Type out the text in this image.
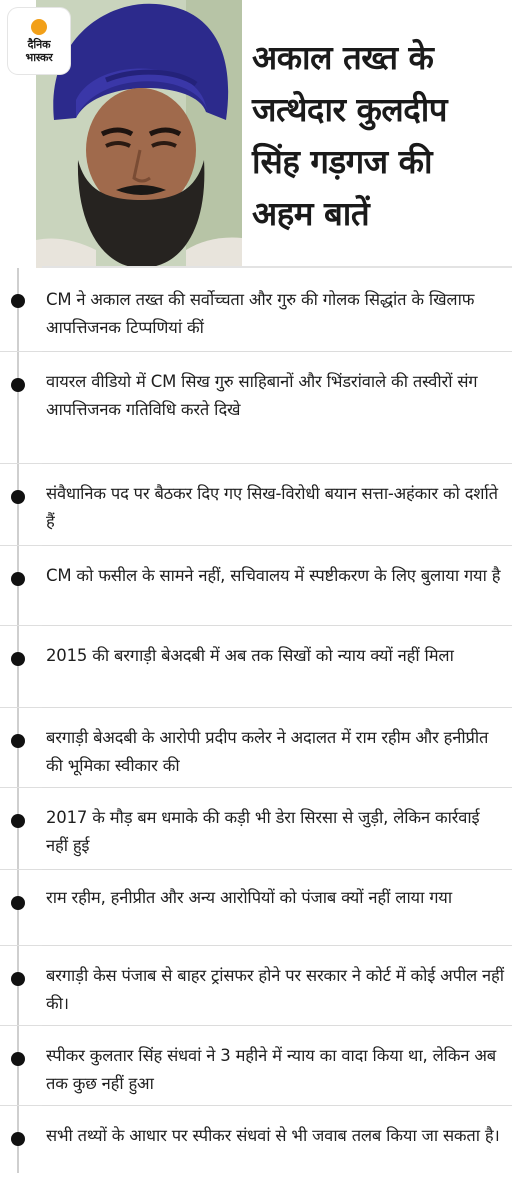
दैनिक
भास्कर	अकाल तख्त के
जत्थेदार कुलदीप
सिंह गड़गज की
अहम बातें
CM ने अकाल तख्त की सर्वोच्चता और गुरु की गोलक सिद्धांत के खिलाफ आपत्तिजनक टिप्पणियां कीं
वायरल वीडियो में CM सिख गुरु साहिबानों और भिंडरांवाले की तस्वीरों संग आपत्तिजनक गतिविधि करते दिखे
संवैधानिक पद पर बैठकर दिए गए सिख-विरोधी बयान सत्ता-अहंकार को दर्शाते हैं
CM को फसील के सामने नहीं, सचिवालय में स्पष्टीकरण के लिए बुलाया गया है
2015 की बरगाड़ी बेअदबी में अब तक सिखों को न्याय क्यों नहीं मिला
बरगाड़ी बेअदबी के आरोपी प्रदीप कलेर ने अदालत में राम रहीम और हनीप्रीत की भूमिका स्वीकार की
2017 के मौड़ बम धमाके की कड़ी भी डेरा सिरसा से जुड़ी, लेकिन कार्रवाई नहीं हुई
राम रहीम, हनीप्रीत और अन्य आरोपियों को पंजाब क्यों नहीं लाया गया
बरगाड़ी केस पंजाब से बाहर ट्रांसफर होने पर सरकार ने कोर्ट में कोई अपील नहीं की।
स्पीकर कुलतार सिंह संधवां ने 3 महीने में न्याय का वादा किया था, लेकिन अब तक कुछ नहीं हुआ
सभी तथ्यों के आधार पर स्पीकर संधवां से भी जवाब तलब किया जा सकता है।
